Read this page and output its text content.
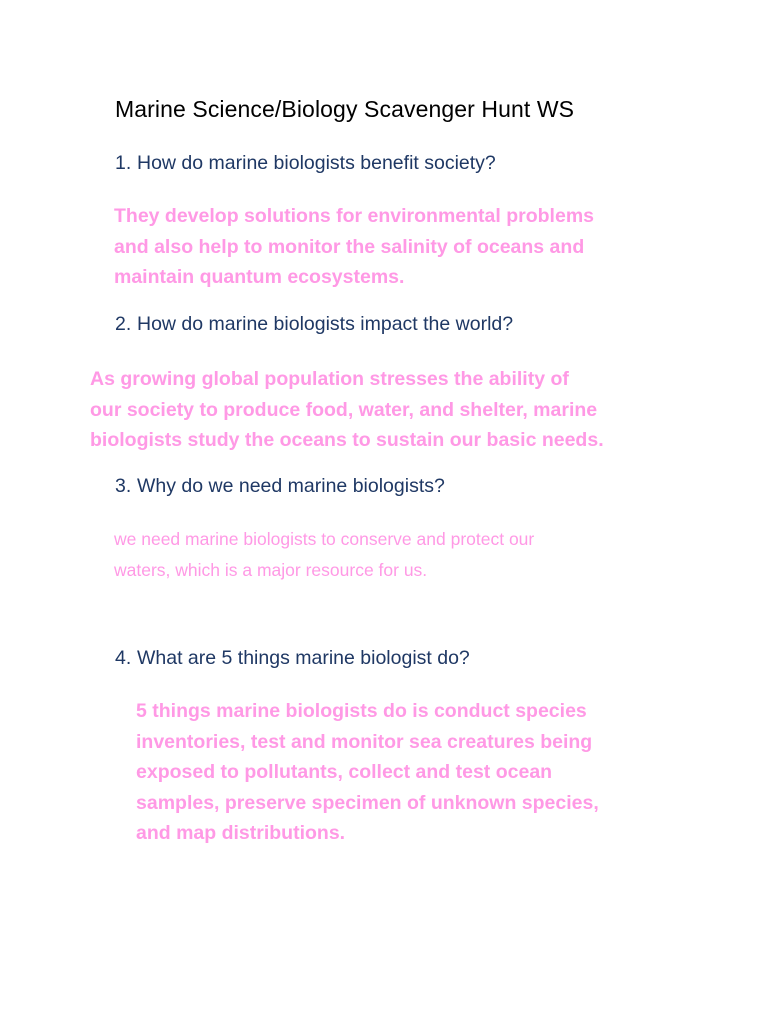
Marine Science/Biology Scavenger Hunt WS

1. How do marine biologists benefit society?

They develop solutions for environmental problems
and also help to monitor the salinity of oceans and
maintain quantum ecosystems.

2. How do marine biologists impact the world?

As growing global population stresses the ability of
our society to produce food, water, and shelter, marine
biologists study the oceans to sustain our basic needs.

3. Why do we need marine biologists?

we need marine biologists to conserve and protect our
waters, which is a major resource for us.

4. What are 5 things marine biologist do?

5 things marine biologists do is conduct species
inventories, test and monitor sea creatures being
exposed to pollutants, collect and test ocean
samples, preserve specimen of unknown species,
and map distributions.
